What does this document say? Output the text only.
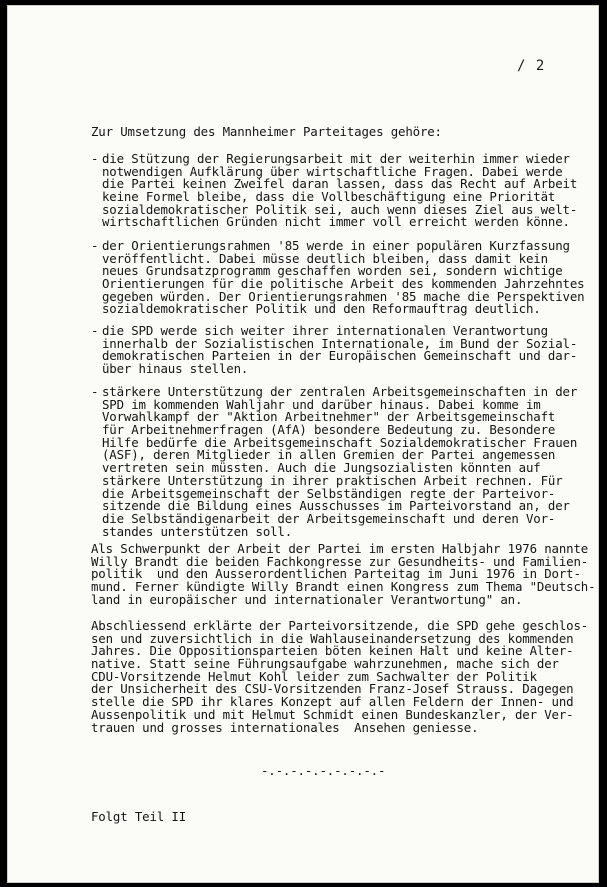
/ 2
Zur Umsetzung des Mannheimer Parteitages gehöre:
- die Stützung der Regierungsarbeit mit der weiterhin immer wieder
notwendigen Aufklärung über wirtschaftliche Fragen. Dabei werde
die Partei keinen Zweifel daran lassen, dass das Recht auf Arbeit
keine Formel bleibe, dass die Vollbeschäftigung eine Priorität
sozialdemokratischer Politik sei, auch wenn dieses Ziel aus welt-
wirtschaftlichen Gründen nicht immer voll erreicht werden könne.
- der Orientierungsrahmen '85 werde in einer populären Kurzfassung
veröffentlicht. Dabei müsse deutlich bleiben, dass damit kein
neues Grundsatzprogramm geschaffen worden sei, sondern wichtige
Orientierungen für die politische Arbeit des kommenden Jahrzehntes
gegeben würden. Der Orientierungsrahmen '85 mache die Perspektiven
sozialdemokratischer Politik und den Reformauftrag deutlich.
- die SPD werde sich weiter ihrer internationalen Verantwortung
innerhalb der Sozialistischen Internationale, im Bund der Sozial-
demokratischen Parteien in der Europäischen Gemeinschaft und dar-
über hinaus stellen.
- stärkere Unterstützung der zentralen Arbeitsgemeinschaften in der
SPD im kommenden Wahljahr und darüber hinaus. Dabei komme im
Vorwahlkampf der "Aktion Arbeitnehmer" der Arbeitsgemeinschaft
für Arbeitnehmerfragen (AfA) besondere Bedeutung zu. Besondere
Hilfe bedürfe die Arbeitsgemeinschaft Sozialdemokratischer Frauen
(ASF), deren Mitglieder in allen Gremien der Partei angemessen
vertreten sein müssten. Auch die Jungsozialisten könnten auf
stärkere Unterstützung in ihrer praktischen Arbeit rechnen. Für
die Arbeitsgemeinschaft der Selbständigen regte der Parteivor-
sitzende die Bildung eines Ausschusses im Parteivorstand an, der
die Selbständigenarbeit der Arbeitsgemeinschaft und deren Vor-
standes unterstützen soll.
Als Schwerpunkt der Arbeit der Partei im ersten Halbjahr 1976 nannte
Willy Brandt die beiden Fachkongresse zur Gesundheits- und Familien-
politik  und den Ausserordentlichen Parteitag im Juni 1976 in Dort-
mund. Ferner kündigte Willy Brandt einen Kongress zum Thema "Deutsch-
land in europäischer und internationaler Verantwortung" an.
Abschliessend erklärte der Parteivorsitzende, die SPD gehe geschlos-
sen und zuversichtlich in die Wahlauseinandersetzung des kommenden
Jahres. Die Oppositionsparteien böten keinen Halt und keine Alter-
native. Statt seine Führungsaufgabe wahrzunehmen, mache sich der
CDU-Vorsitzende Helmut Kohl leider zum Sachwalter der Politik
der Unsicherheit des CSU-Vorsitzenden Franz-Josef Strauss. Dagegen
stelle die SPD ihr klares Konzept auf allen Feldern der Innen- und
Aussenpolitik und mit Helmut Schmidt einen Bundeskanzler, der Ver-
trauen und grosses internationales  Ansehen geniesse.
-.-.-.-.-.-.-.-.-
Folgt Teil II
